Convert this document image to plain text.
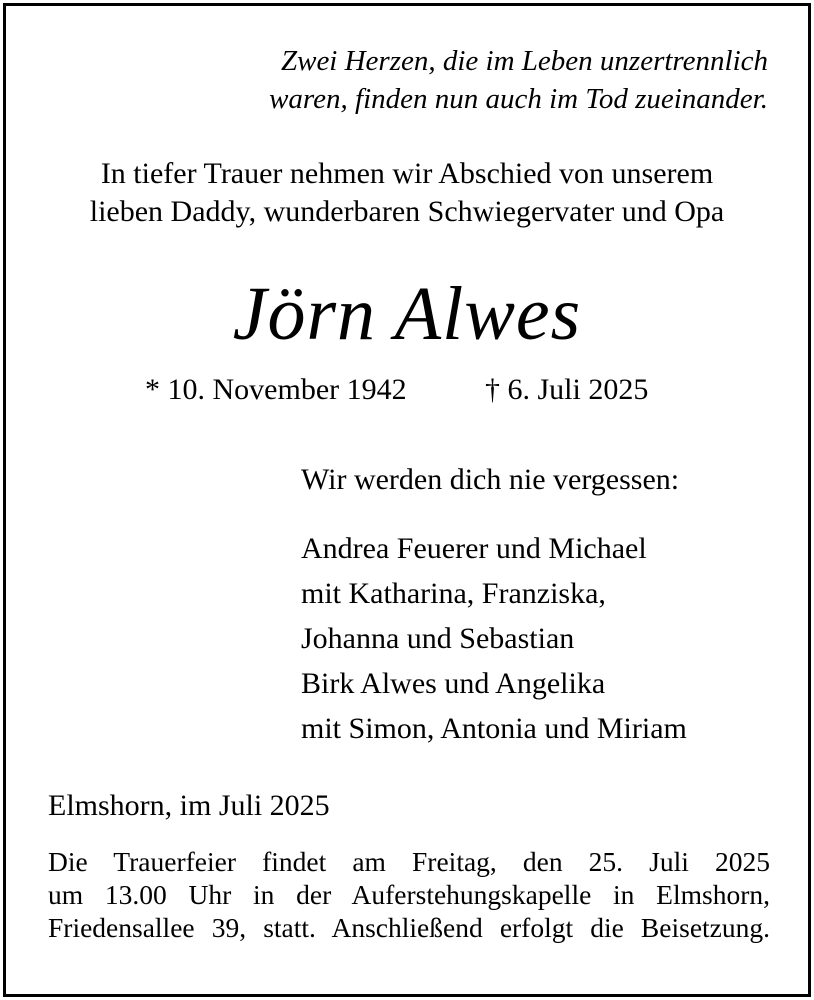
Zwei Herzen, die im Leben unzertrennlich
waren, finden nun auch im Tod zueinander.
In tiefer Trauer nehmen wir Abschied von unserem
lieben Daddy, wunderbaren Schwiegervater und Opa
Jörn Alwes
* 10. November 1942	† 6. Juli 2025
Wir werden dich nie vergessen:
Andrea Feuerer und Michael
mit Katharina, Franziska,
Johanna und Sebastian
Birk Alwes und Angelika
mit Simon, Antonia und Miriam
Elmshorn, im Juli 2025
Die Trauerfeier findet am Freitag, den 25. Juli 2025
um 13.00 Uhr in der Auferstehungskapelle in Elmshorn,
Friedensallee 39, statt. Anschließend erfolgt die Beisetzung.
